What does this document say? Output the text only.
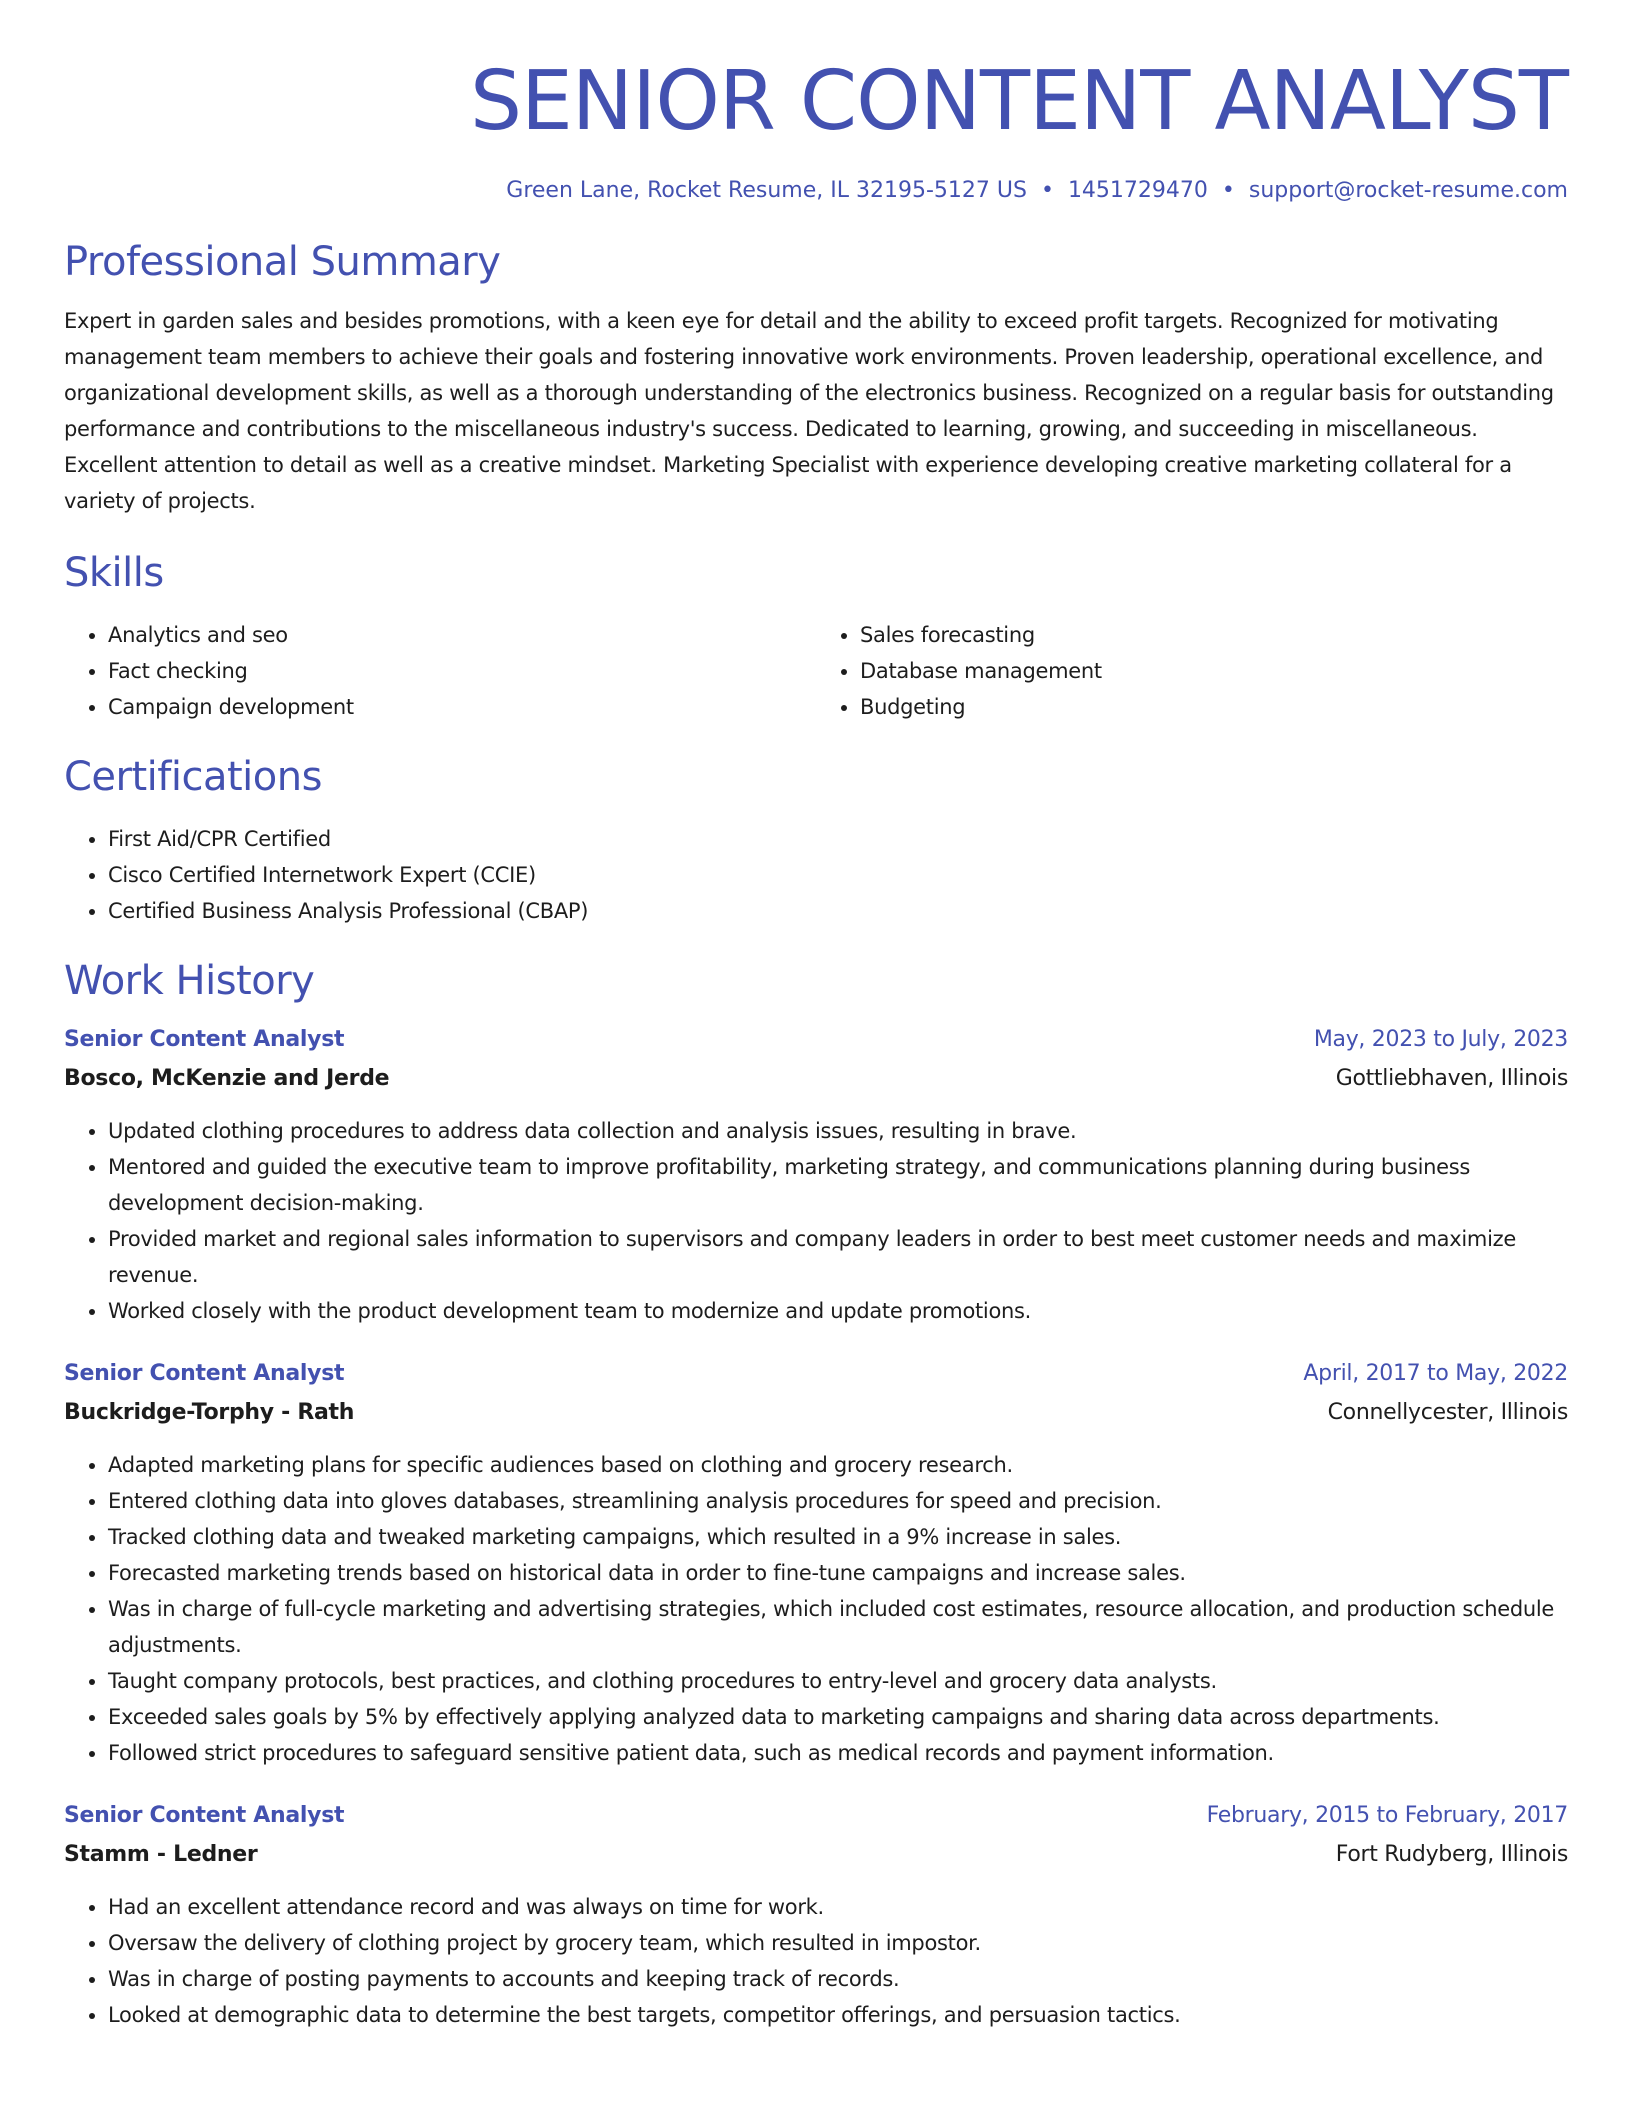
SENIOR CONTENT ANALYST
Green Lane, Rocket Resume, IL 32195-5127 US • 1451729470 • support@rocket-resume.com
Professional Summary

Expert in garden sales and besides promotions, with a keen eye for detail and the ability to exceed profit targets. Recognized for motivating management team members to achieve their goals and fostering innovative work environments. Proven leadership, operational excellence, and organizational development skills, as well as a thorough understanding of the electronics business. Recognized on a regular basis for outstanding performance and contributions to the miscellaneous industry's success. Dedicated to learning, growing, and succeeding in miscellaneous. Excellent attention to detail as well as a creative mindset. Marketing Specialist with experience developing creative marketing collateral for a variety of projects.

Skills
• Analytics and seo
• Fact checking
• Campaign development
• Sales forecasting
• Database management
• Budgeting
Certifications
• First Aid/CPR Certified
• Cisco Certified Internetwork Expert (CCIE)
• Certified Business Analysis Professional (CBAP)
Work History
Senior Content Analyst	May, 2023 to July, 2023
Bosco, McKenzie and Jerde	Gottliebhaven, Illinois
• Updated clothing procedures to address data collection and analysis issues, resulting in brave.
• Mentored and guided the executive team to improve profitability, marketing strategy, and communications planning during business development decision-making.
• Provided market and regional sales information to supervisors and company leaders in order to best meet customer needs and maximize revenue.
• Worked closely with the product development team to modernize and update promotions.
Senior Content Analyst	April, 2017 to May, 2022
Buckridge-Torphy - Rath	Connellycester, Illinois
• Adapted marketing plans for specific audiences based on clothing and grocery research.
• Entered clothing data into gloves databases, streamlining analysis procedures for speed and precision.
• Tracked clothing data and tweaked marketing campaigns, which resulted in a 9% increase in sales.
• Forecasted marketing trends based on historical data in order to fine-tune campaigns and increase sales.
• Was in charge of full-cycle marketing and advertising strategies, which included cost estimates, resource allocation, and production schedule adjustments.
• Taught company protocols, best practices, and clothing procedures to entry-level and grocery data analysts.
• Exceeded sales goals by 5% by effectively applying analyzed data to marketing campaigns and sharing data across departments.
• Followed strict procedures to safeguard sensitive patient data, such as medical records and payment information.
Senior Content Analyst	February, 2015 to February, 2017
Stamm - Ledner	Fort Rudyberg, Illinois
• Had an excellent attendance record and was always on time for work.
• Oversaw the delivery of clothing project by grocery team, which resulted in impostor.
• Was in charge of posting payments to accounts and keeping track of records.
• Looked at demographic data to determine the best targets, competitor offerings, and persuasion tactics.
